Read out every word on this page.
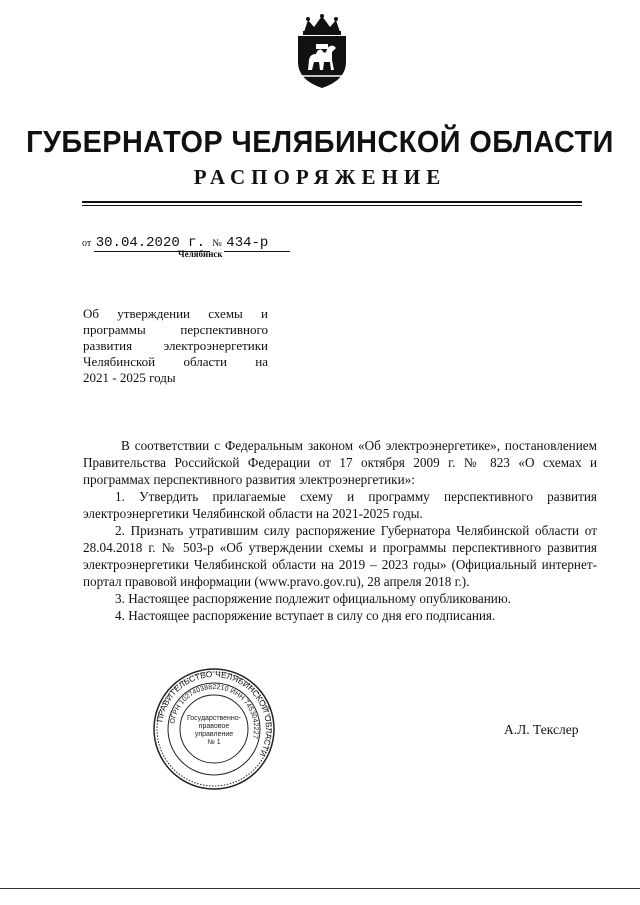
ГУБЕРНАТОР ЧЕЛЯБИНСКОЙ ОБЛАСТИ
РАСПОРЯЖЕНИЕ
от 30.04.2020 г. № 434-р
Челябинск

Об утверждении схемы и

программы перспективного

развития электроэнергетики

Челябинской области на

2021 - 2025 годы

В соответствии с Федеральным законом «Об электроэнергетике», постановлением Правительства Российской Федерации от 17 октября 2009 г. № 823 «О схемах и программах перспективного развития электроэнергетики»:

1. Утвердить прилагаемые схему и программу перспективного развития электроэнергетики Челябинской области на 2021-2025 годы.

2. Признать утратившим силу распоряжение Губернатора Челябинской области от 28.04.2018 г. № 503-р «Об утверждении схемы и программы перспективного развития электроэнергетики Челябинской области на 2019 – 2023 годы» (Официальный интернет-портал правовой информации (www.pravo.gov.ru), 28 апреля 2018 г.).

3. Настоящее распоряжение подлежит официальному опубликованию.

4. Настоящее распоряжение вступает в силу со дня его подписания.

ПРАВИТЕЛЬСТВО ЧЕЛЯБИНСКОЙ ОБЛАСТИ
ОГРН 1027403882210 ИНН 7453042227
Государственно-
правовое
управление
№ 1
А.Л. Текслер
